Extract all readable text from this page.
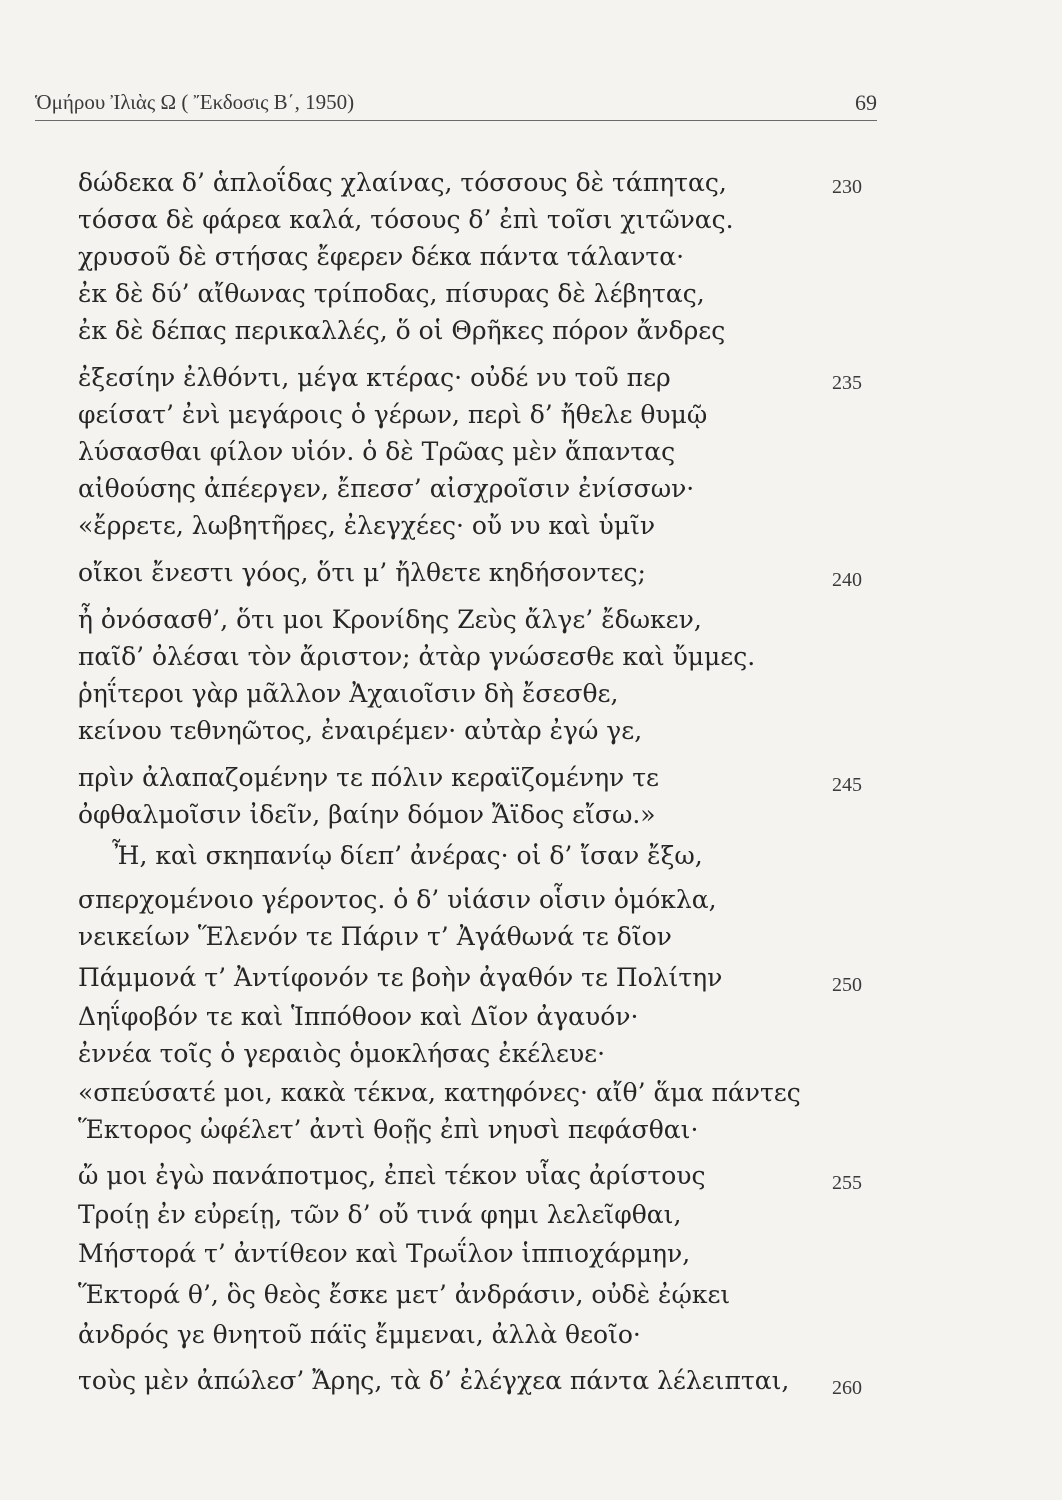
Ὁμήρου Ἰλιὰς Ω ( Ἔκδοσις Β΄, 1950)	69
δώδεκα δ’ ἁπλοΐδας χλαίνας, τόσσους δὲ τάπητας,
τόσσα δὲ φάρεα καλά, τόσους δ’ ἐπὶ τοῖσι χιτῶνας.
χρυσοῦ δὲ στήσας ἔφερεν δέκα πάντα τάλαντα·
ἐκ δὲ δύ’ αἴθωνας τρίποδας, πίσυρας δὲ λέβητας,
ἐκ δὲ δέπας περικαλλές, ὅ οἱ Θρῆκες πόρον ἄνδρες
ἐξεσίην ἐλθόντι, μέγα κτέρας· οὐδέ νυ τοῦ περ
φείσατ’ ἐνὶ μεγάροις ὁ γέρων, περὶ δ’ ἤθελε θυμῷ
λύσασθαι φίλον υἱόν. ὁ δὲ Τρῶας μὲν ἅπαντας
αἰθούσης ἀπέεργεν, ἔπεσσ’ αἰσχροῖσιν ἐνίσσων·
«ἔρρετε, λωβητῆρες, ἐλεγχέες· οὔ νυ καὶ ὑμῖν
οἴκοι ἔνεστι γόος, ὅτι μ’ ἤλθετε κηδήσοντες;
ἦ ὀνόσασθ’, ὅτι μοι Κρονίδης Ζεὺς ἄλγε’ ἔδωκεν,
παῖδ’ ὀλέσαι τὸν ἄριστον; ἀτὰρ γνώσεσθε καὶ ὔμμες.
ῥηΐτεροι γὰρ μᾶλλον Ἀχαιοῖσιν δὴ ἔσεσθε,
κείνου τεθνηῶτος, ἐναιρέμεν· αὐτὰρ ἐγώ γε,
πρὶν ἀλαπαζομένην τε πόλιν κεραϊζομένην τε
ὀφθαλμοῖσιν ἰδεῖν, βαίην δόμον Ἄϊδος εἴσω.»
Ἦ, καὶ σκηπανίῳ δίεπ’ ἀνέρας· οἱ δ’ ἴσαν ἔξω,
σπερχομένοιο γέροντος. ὁ δ’ υἱάσιν οἷσιν ὁμόκλα,
νεικείων Ἕλενόν τε Πάριν τ’ Ἀγάθωνά τε δῖον
Πάμμονά τ’ Ἀντίφονόν τε βοὴν ἀγαθόν τε Πολίτην
Δηΐφοβόν τε καὶ Ἱππόθοον καὶ Δῖον ἀγαυόν·
ἐννέα τοῖς ὁ γεραιὸς ὁμοκλήσας ἐκέλευε·
«σπεύσατέ μοι, κακὰ τέκνα, κατηφόνες· αἴθ’ ἅμα πάντες
Ἕκτορος ὠφέλετ’ ἀντὶ θοῇς ἐπὶ νηυσὶ πεφάσθαι·
ὤ μοι ἐγὼ πανάποτμος, ἐπεὶ τέκον υἷας ἀρίστους
Τροίῃ ἐν εὐρείῃ, τῶν δ’ οὔ τινά φημι λελεῖφθαι,
Μήστορά τ’ ἀντίθεον καὶ Τρωΐλον ἱππιοχάρμην,
Ἕκτορά θ’, ὃς θεὸς ἔσκε μετ’ ἀνδράσιν, οὐδὲ ἐῴκει
ἀνδρός γε θνητοῦ πάϊς ἔμμεναι, ἀλλὰ θεοῖο·
τοὺς μὲν ἀπώλεσ’ Ἄρης, τὰ δ’ ἐλέγχεα πάντα λέλειπται,
230
235
240
245
250
255
260
